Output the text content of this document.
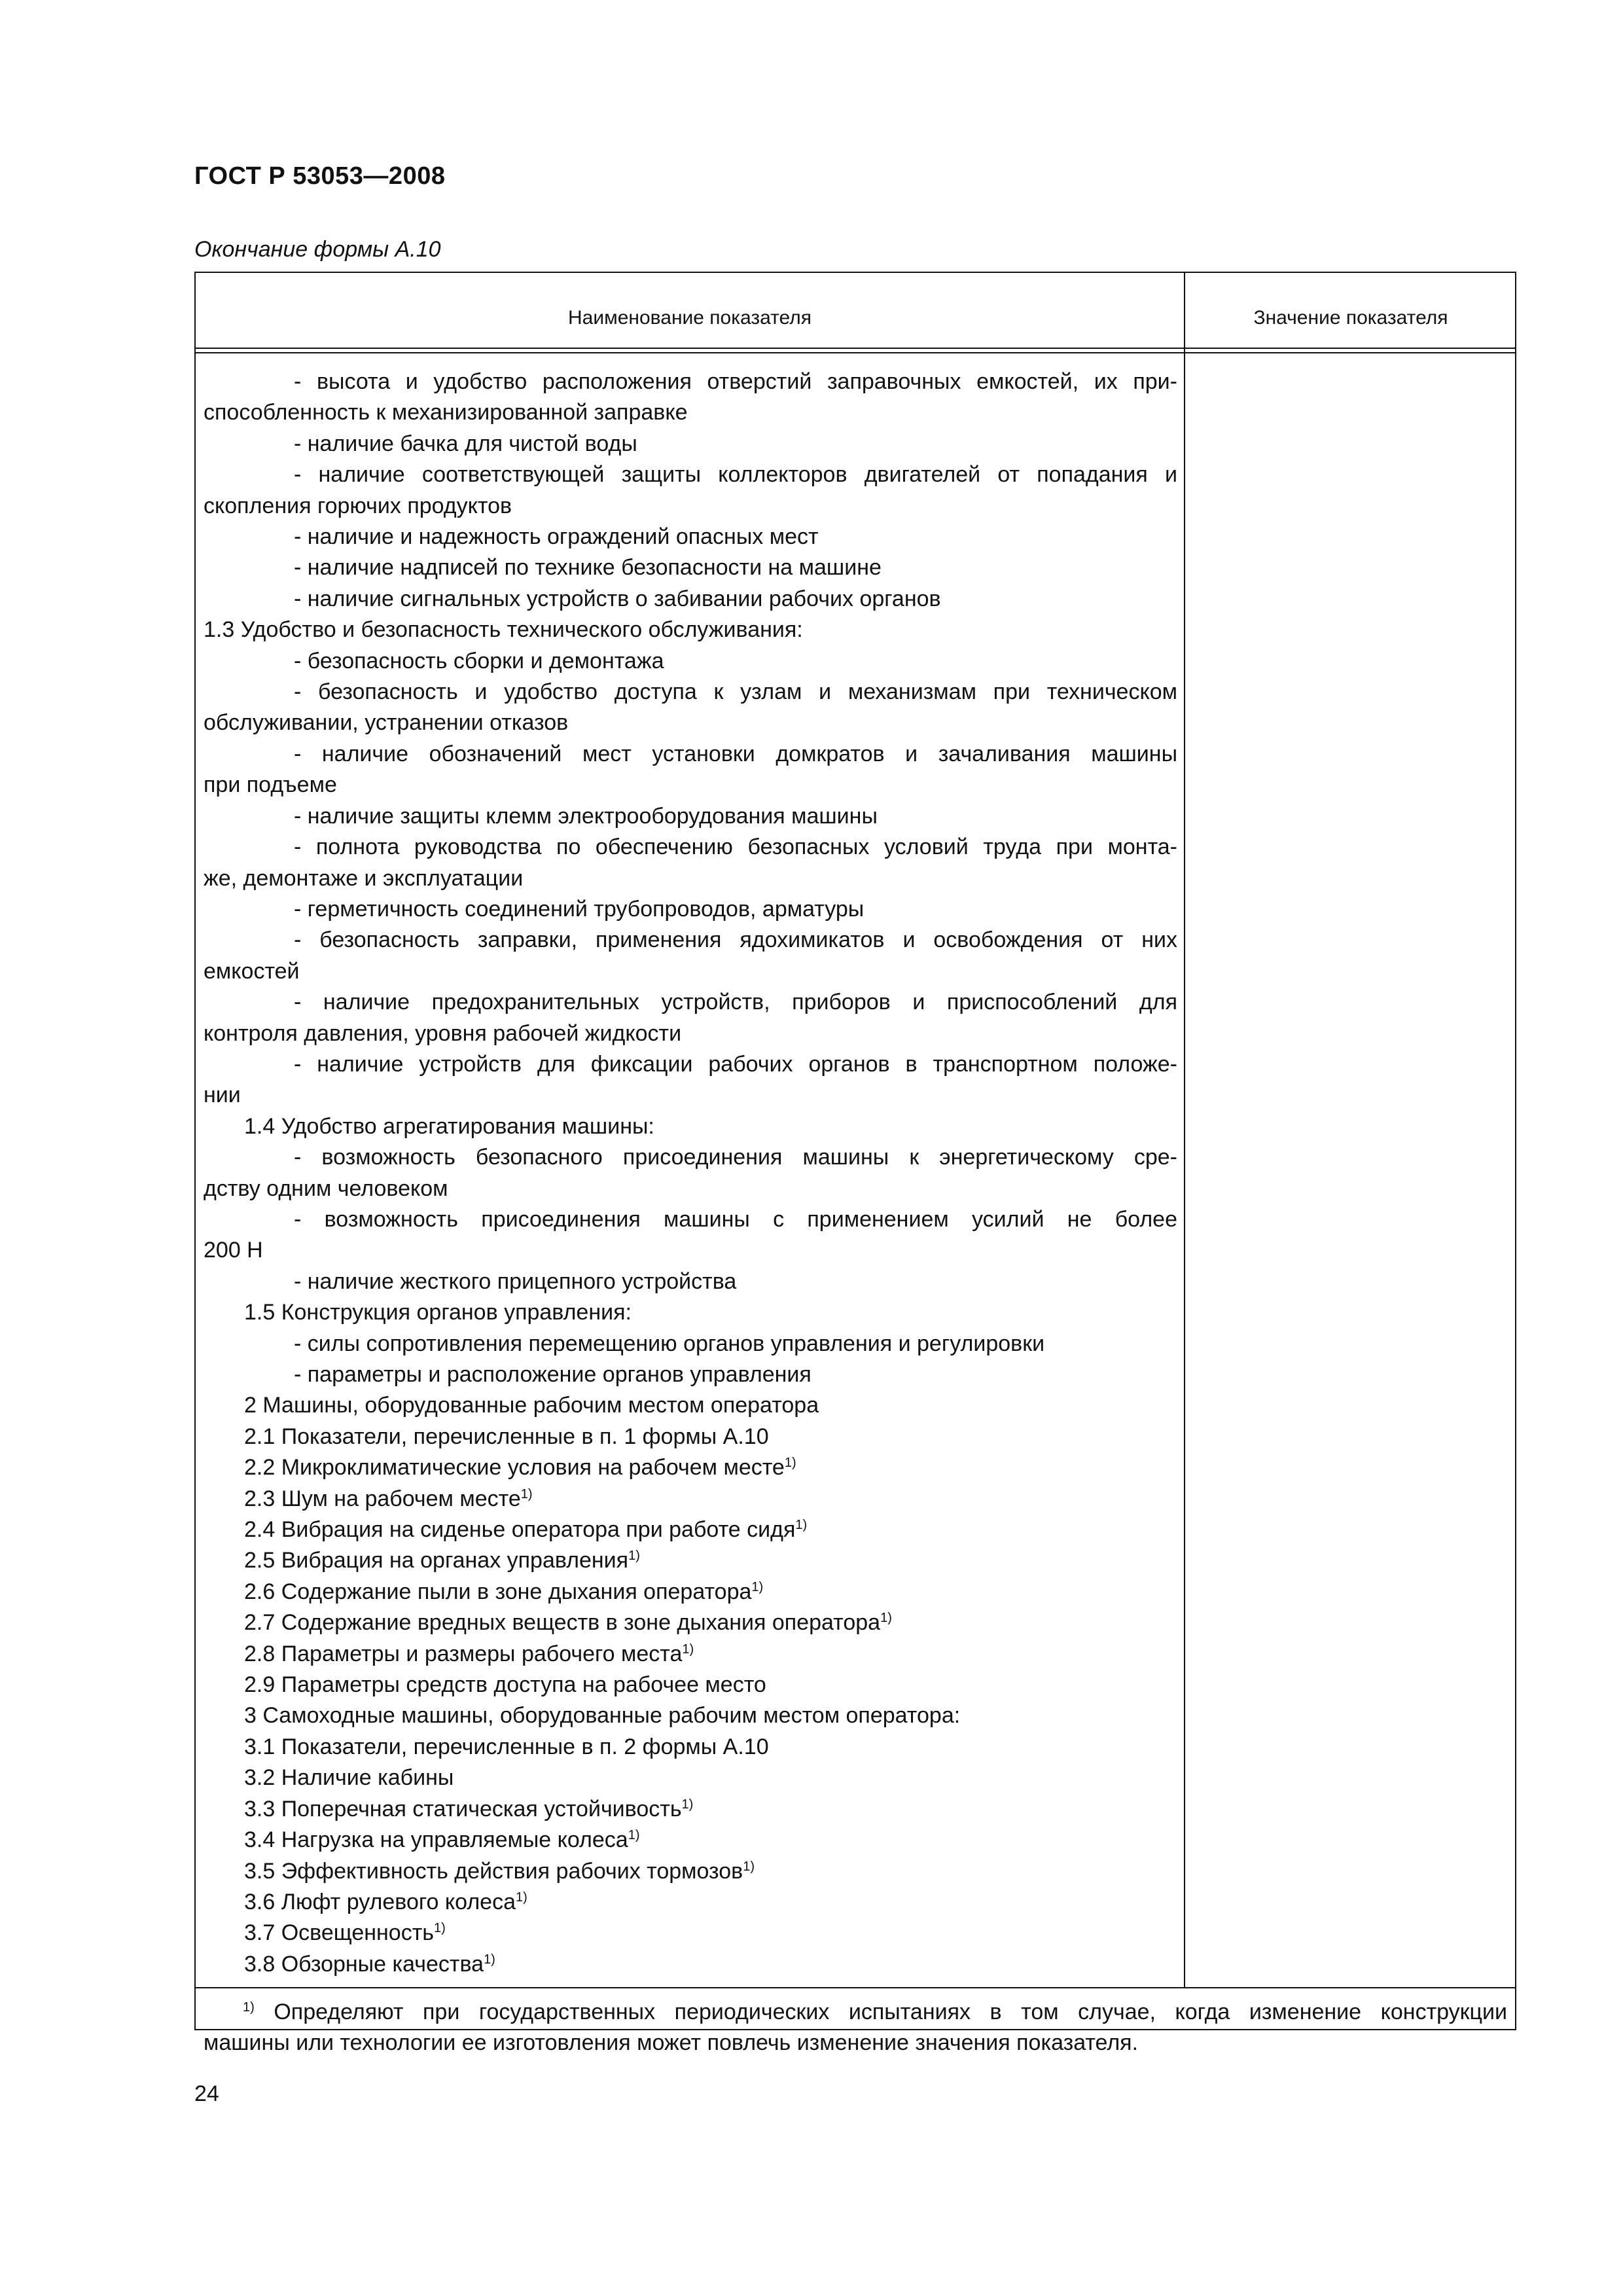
ГОСТ Р 53053—2008
Окончание формы А.10
Наименование показателя	Значение показателя
- высота и удобство расположения отверстий заправочных емкостей, их при-
способленность к механизированной заправке
- наличие бачка для чистой воды
- наличие соответствующей защиты коллекторов двигателей от попадания и
скопления горючих продуктов
- наличие и надежность ограждений опасных мест
- наличие надписей по технике безопасности на машине
- наличие сигнальных устройств о забивании рабочих органов
1.3 Удобство и безопасность технического обслуживания:
- безопасность сборки и демонтажа
- безопасность и удобство доступа к узлам и механизмам при техническом
обслуживании, устранении отказов
- наличие обозначений мест установки домкратов и зачаливания машины
при подъеме
- наличие защиты клемм электрооборудования машины
- полнота руководства по обеспечению безопасных условий труда при монта-
же, демонтаже и эксплуатации
- герметичность соединений трубопроводов, арматуры
- безопасность заправки, применения ядохимикатов и освобождения от них
емкостей
- наличие предохранительных устройств, приборов и приспособлений для
контроля давления, уровня рабочей жидкости
- наличие устройств для фиксации рабочих органов в транспортном положе-
нии
1.4 Удобство агрегатирования машины:
- возможность безопасного присоединения машины к энергетическому сре-
дству одним человеком
- возможность присоединения машины с применением усилий не более
200 Н
- наличие жесткого прицепного устройства
1.5 Конструкция органов управления:
- силы сопротивления перемещению органов управления и регулировки
- параметры и расположение органов управления
2 Машины, оборудованные рабочим местом оператора
2.1 Показатели, перечисленные в п. 1 формы А.10
2.2 Микроклиматические условия на рабочем месте$^{1)}$
2.3 Шум на рабочем месте$^{1)}$
2.4 Вибрация на сиденье оператора при работе сидя$^{1)}$
2.5 Вибрация на органах управления$^{1)}$
2.6 Содержание пыли в зоне дыхания оператора$^{1)}$
2.7 Содержание вредных веществ в зоне дыхания оператора$^{1)}$
2.8 Параметры и размеры рабочего места$^{1)}$
2.9 Параметры средств доступа на рабочее место
3 Самоходные машины, оборудованные рабочим местом оператора:
3.1 Показатели, перечисленные в п. 2 формы А.10
3.2 Наличие кабины
3.3 Поперечная статическая устойчивость$^{1)}$
3.4 Нагрузка на управляемые колеса$^{1)}$
3.5 Эффективность действия рабочих тормозов$^{1)}$
3.6 Люфт рулевого колеса$^{1)}$
3.7 Освещенность$^{1)}$
3.8 Обзорные качества$^{1)}$
$^{1)}$ Определяют при государственных периодических испытаниях в том случае, когда изменение конструкции
машины или технологии ее изготовления может повлечь изменение значения показателя.
24
